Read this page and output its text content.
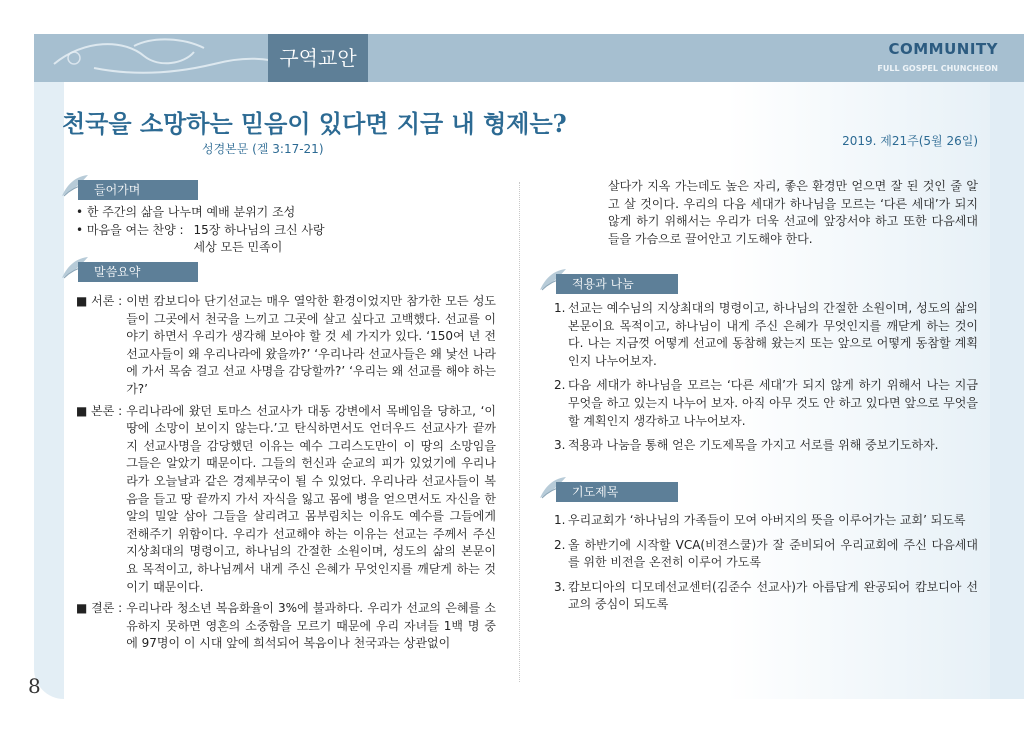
구역교안	COMMUNITY
FULL GOSPEL CHUNCHEON
8
천국을 소망하는 믿음이 있다면 지금 내 형제는?
성경본문 (겔 3:17-21)
2019. 제21주(5월 26일)
들어가며
• 한 주간의 삶을 나누며 예배 분위기 조성
• 마음을 여는 찬양 : 15장 하나님의 크신 사랑
세상 모든 민족이
말씀요약
■ 서론 : 이번 캄보디아 단기선교는 매우 열악한 환경이었지만 참가한 모든 성도들이 그곳에서 천국을 느끼고 그곳에 살고 싶다고 고백했다. 선교를 이야기 하면서 우리가 생각해 보아야 할 것 세 가지가 있다. ‘150여 년 전 선교사들이 왜 우리나라에 왔을까?’ ‘우리나라 선교사들은 왜 낯선 나라에 가서 목숨 걸고 선교 사명을 감당할까?’ ‘우리는 왜 선교를 해야 하는가?’
■ 본론 : 우리나라에 왔던 토마스 선교사가 대동 강변에서 목베임을 당하고, ‘이 땅에 소망이 보이지 않는다.’고 탄식하면서도 언더우드 선교사가 끝까지 선교사명을 감당했던 이유는 예수 그리스도만이 이 땅의 소망임을 그들은 알았기 때문이다. 그들의 헌신과 순교의 피가 있었기에 우리나라가 오늘날과 같은 경제부국이 될 수 있었다. 우리나라 선교사들이 복음을 들고 땅 끝까지 가서 자식을 잃고 몸에 병을 얻으면서도 자신을 한 알의 밀알 삼아 그들을 살리려고 몸부림치는 이유도 예수를 그들에게 전해주기 위함이다. 우리가 선교해야 하는 이유는 선교는 주께서 주신 지상최대의 명령이고, 하나님의 간절한 소원이며, 성도의 삶의 본문이요 목적이고, 하나님께서 내게 주신 은혜가 무엇인지를 깨닫게 하는 것이기 때문이다.
■ 결론 : 우리나라 청소년 복음화율이 3%에 불과하다. 우리가 선교의 은혜를 소유하지 못하면 영혼의 소중함을 모르기 때문에 우리 자녀들 1백 명 중에 97명이 이 시대 앞에 희석되어 복음이나 천국과는 상관없이
살다가 지옥 가는데도 높은 자리, 좋은 환경만 얻으면 잘 된 것인 줄 알고 살 것이다. 우리의 다음 세대가 하나님을 모르는 ‘다른 세대’가 되지 않게 하기 위해서는 우리가 더욱 선교에 앞장서야 하고 또한 다음세대들을 가슴으로 끌어안고 기도해야 한다.
적용과 나눔
1. 선교는 예수님의 지상최대의 명령이고, 하나님의 간절한 소원이며, 성도의 삶의 본문이요 목적이고, 하나님이 내게 주신 은혜가 무엇인지를 깨닫게 하는 것이다. 나는 지금껏 어떻게 선교에 동참해 왔는지 또는 앞으로 어떻게 동참할 계획인지 나누어보자.
2. 다음 세대가 하나님을 모르는 ‘다른 세대’가 되지 않게 하기 위해서 나는 지금 무엇을 하고 있는지 나누어 보자. 아직 아무 것도 안 하고 있다면 앞으로 무엇을 할 계획인지 생각하고 나누어보자.
3. 적용과 나눔을 통해 얻은 기도제목을 가지고 서로를 위해 중보기도하자.
기도제목
1. 우리교회가 ‘하나님의 가족들이 모여 아버지의 뜻을 이루어가는 교회’ 되도록
2. 올 하반기에 시작할 VCA(비젼스쿨)가 잘 준비되어 우리교회에 주신 다음세대를 위한 비전을 온전히 이루어 가도록
3. 캄보디아의 디모데선교센터(김준수 선교사)가 아름답게 완공되어 캄보디아 선교의 중심이 되도록
